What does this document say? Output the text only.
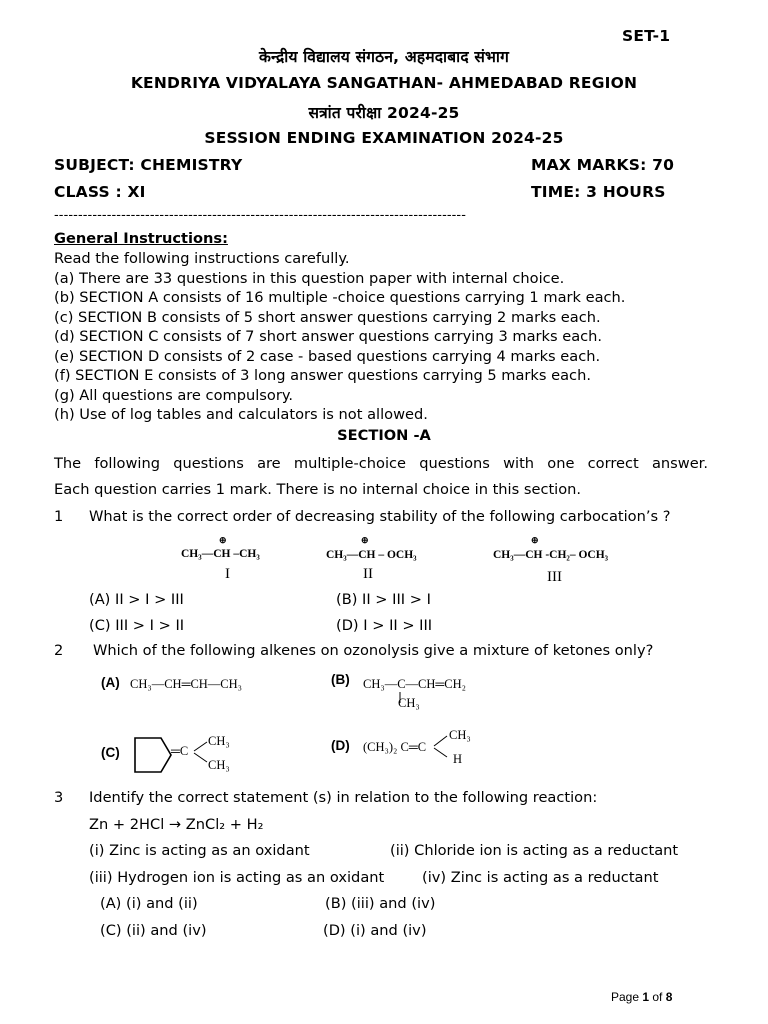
SET-1
केन्द्रीय विद्यालय संगठन, अहमदाबाद संभाग
KENDRIYA VIDYALAYA SANGATHAN- AHMEDABAD REGION
सत्रांत परीक्षा 2024-25
SESSION ENDING EXAMINATION 2024-25
SUBJECT: CHEMISTRY	MAX MARKS: 70
CLASS : XI	TIME: 3 HOURS
--------------------------------------------------------------------------------------
General Instructions:
Read the following instructions carefully.
(a) There are 33 questions in this question paper with internal choice.
(b) SECTION A consists of 16 multiple -choice questions carrying 1 mark each.
(c) SECTION B consists of 5 short answer questions carrying 2 marks each.
(d) SECTION C consists of 7 short answer questions carrying 3 marks each.
(e) SECTION D consists of 2 case - based questions carrying 4 marks each.
(f) SECTION E consists of 3 long answer questions carrying 5 marks each.
(g) All questions are compulsory.
(h) Use of log tables and calculators is not allowed.
SECTION -A
The following questions are multiple-choice questions with one correct answer.
Each question carries 1 mark. There is no internal choice in this section.
1 What is the correct order of decreasing stability of the following carbocation’s ?
⊕
CH₃—CH –CH₃
I
⊕
CH₃—CH – OCH₃
II
⊕
CH₃—CH -CH₂– OCH₃
III
(A) II > I > III	(B) II > III > I
(C) III > I > II	(D) I > II > III
2 Which of the following alkenes on ozonolysis give a mixture of ketones only?
(A) CH₃—CH═CH—CH₃	(B) CH₃—C—CH═CH₂
CH₃
(C)	═C
CH₃
CH₃
(D) (CH₃)₂ C═C
CH₃
H
3 Identify the correct statement (s) in relation to the following reaction:
Zn + 2HCl → ZnCl₂ + H₂
(i) Zinc is acting as an oxidant	(ii) Chloride ion is acting as a reductant
(iii) Hydrogen ion is acting as an oxidant	(iv) Zinc is acting as a reductant
(A) (i) and (ii)	(B) (iii) and (iv)
(C) (ii) and (iv)	(D) (i) and (iv)
Page 1 of 8
